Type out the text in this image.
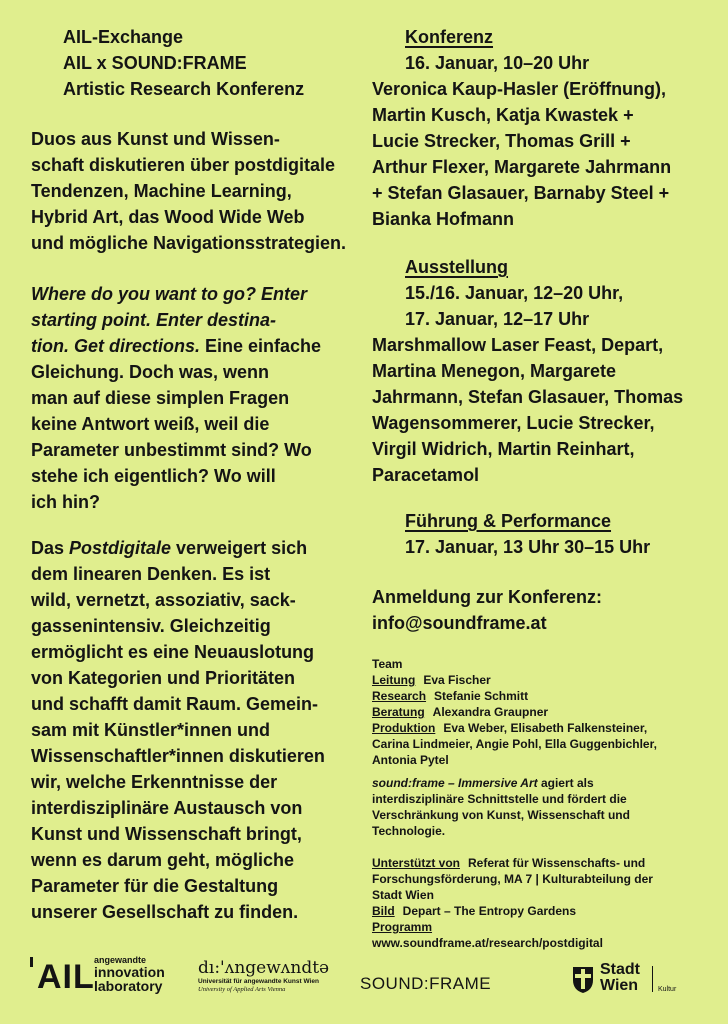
AIL-Exchange

AIL x SOUND:FRAME

Artistic Research Konferenz

Duos aus Kunst und Wissen-

schaft diskutieren über postdigitale

Tendenzen, Machine Learning,

Hybrid Art, das Wood Wide Web

und mögliche Navigationsstrategien.

Where do you want to go? Enter

starting point. Enter destina-

tion. Get directions. Eine einfache

Gleichung. Doch was, wenn

man auf diese simplen Fragen

keine Antwort weiß, weil die

Parameter unbestimmt sind? Wo

stehe ich eigentlich? Wo will

ich hin?

Das Postdigitale verweigert sich

dem linearen Denken. Es ist

wild, vernetzt, assoziativ, sack-

gassenintensiv. Gleichzeitig

ermöglicht es eine Neuauslotung

von Kategorien und Prioritäten

und schafft damit Raum. Gemein-

sam mit Künstler*innen und

Wissenschaftler*innen diskutieren

wir, welche Erkenntnisse der

interdisziplinäre Austausch von

Kunst und Wissenschaft bringt,

wenn es darum geht, mögliche

Parameter für die Gestaltung

unserer Gesellschaft zu finden.

Konferenz

16. Januar, 10–20 Uhr

Veronica Kaup-Hasler (Eröffnung),

Martin Kusch, Katja Kwastek +

Lucie Strecker, Thomas Grill +

Arthur Flexer, Margarete Jahrmann

+ Stefan Glasauer, Barnaby Steel +

Bianka Hofmann

Ausstellung

15./16. Januar, 12–20 Uhr,

17. Januar, 12–17 Uhr

Marshmallow Laser Feast, Depart,

Martina Menegon, Margarete

Jahrmann, Stefan Glasauer, Thomas

Wagensommerer, Lucie Strecker,

Virgil Widrich, Martin Reinhart,

Paracetamol

Führung & Performance

17. Januar, 13 Uhr 30–15 Uhr

Anmeldung zur Konferenz:

info@soundframe.at

Team

Leitung Eva Fischer

Research Stefanie Schmitt

Beratung Alexandra Graupner

Produktion Eva Weber, Elisabeth Falkensteiner,

Carina Lindmeier, Angie Pohl, Ella Guggenbichler,

Antonia Pytel

sound:frame – Immersive Art agiert als

interdisziplinäre Schnittstelle und fördert die

Verschränkung von Kunst, Wissenschaft und

Technologie.

Unterstützt von Referat für Wissenschafts- und

Forschungsförderung, MA 7 | Kulturabteilung der

Stadt Wien

Bild Depart – The Entropy Gardens

Programm

www.soundframe.at/research/postdigital

AIL angewandte
innovation
laboratory
dı:'ʌngewʌndtə
Universität für angewandte Kunst Wien
University of Applied Arts Vienna	SOUND:FRAME
Stadt
Wien	Kultur
